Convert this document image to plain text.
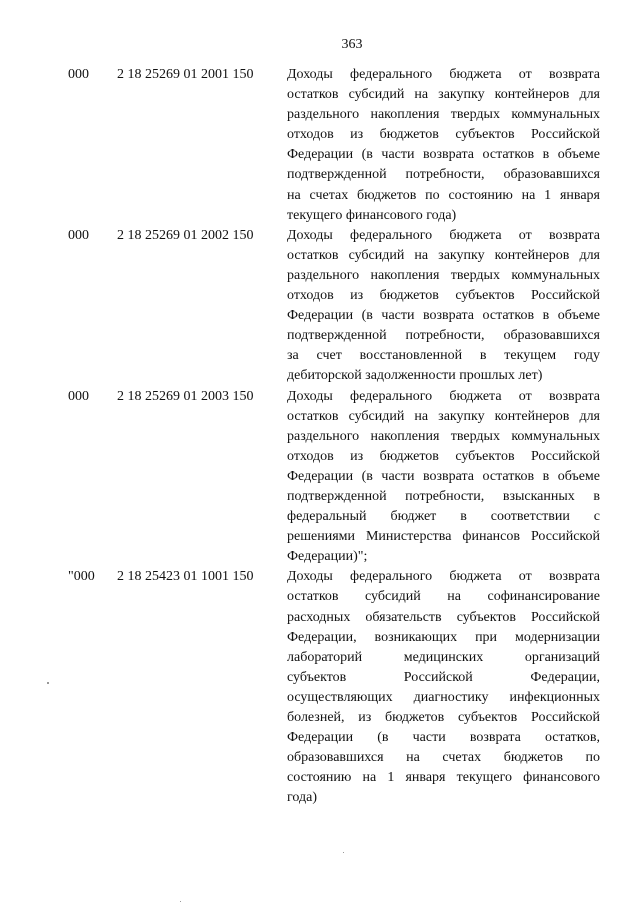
363
000 2 18 25269 01 2001 150 Доходы федерального бюджета от возврата
остатков субсидий на закупку контейнеров для
раздельного накопления твердых коммунальных
отходов из бюджетов субъектов Российской
Федерации (в части возврата остатков в объеме
подтвержденной потребности, образовавшихся
на счетах бюджетов по состоянию на 1 января
текущего финансового года)
000 2 18 25269 01 2002 150 Доходы федерального бюджета от возврата
остатков субсидий на закупку контейнеров для
раздельного накопления твердых коммунальных
отходов из бюджетов субъектов Российской
Федерации (в части возврата остатков в объеме
подтвержденной потребности, образовавшихся
за счет восстановленной в текущем году
дебиторской задолженности прошлых лет)
000 2 18 25269 01 2003 150 Доходы федерального бюджета от возврата
остатков субсидий на закупку контейнеров для
раздельного накопления твердых коммунальных
отходов из бюджетов субъектов Российской
Федерации (в части возврата остатков в объеме
подтвержденной потребности, взысканных в
федеральный бюджет в соответствии с
решениями Министерства финансов Российской
Федерации)";
"000 2 18 25423 01 1001 150 Доходы федерального бюджета от возврата
остатков субсидий на софинансирование
расходных обязательств субъектов Российской
Федерации, возникающих при модернизации
лабораторий медицинских организаций
субъектов Российской Федерации,
осуществляющих диагностику инфекционных
болезней, из бюджетов субъектов Российской
Федерации (в части возврата остатков,
образовавшихся на счетах бюджетов по
состоянию на 1 января текущего финансового
года)
